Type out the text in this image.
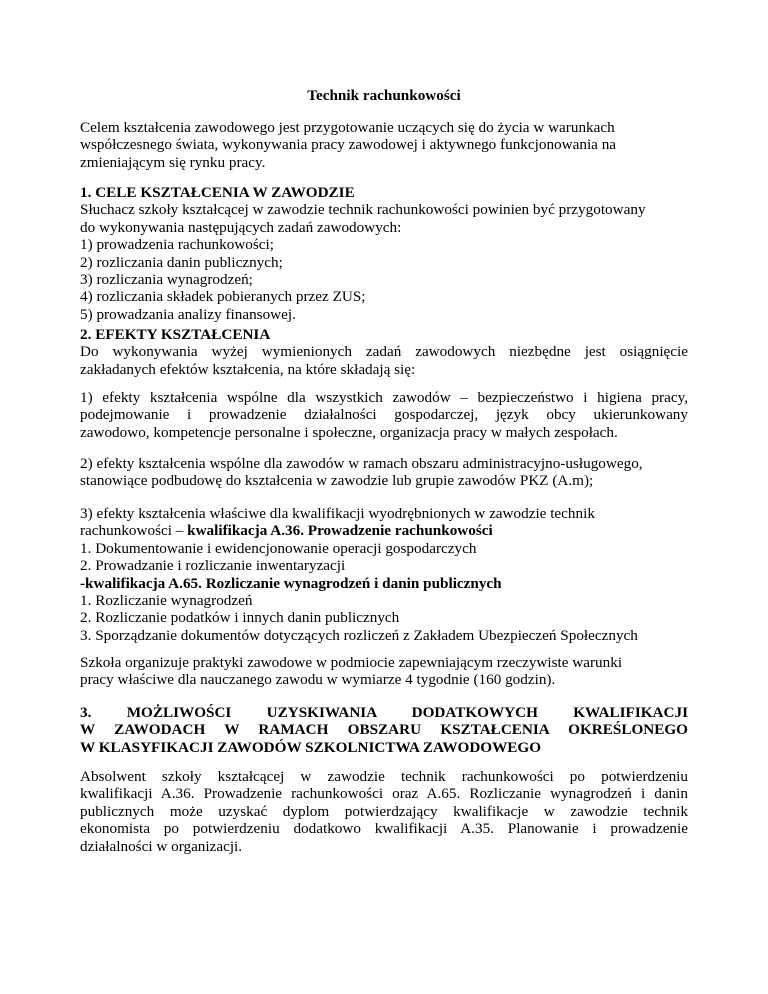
Technik rachunkowości
Celem kształcenia zawodowego jest przygotowanie uczących się do życia w warunkach
współczesnego świata, wykonywania pracy zawodowej i aktywnego funkcjonowania na
zmieniającym się rynku pracy.
1. CELE KSZTAŁCENIA W ZAWODZIE
Słuchacz szkoły kształcącej w zawodzie technik rachunkowości powinien być przygotowany
do wykonywania następujących zadań zawodowych:
1) prowadzenia rachunkowości;
2) rozliczania danin publicznych;
3) rozliczania wynagrodzeń;
4) rozliczania składek pobieranych przez ZUS;
5) prowadzania analizy finansowej.
2. EFEKTY KSZTAŁCENIA
Do wykonywania wyżej wymienionych zadań zawodowych niezbędne jest osiągnięcie
zakładanych efektów kształcenia, na które składają się:
1) efekty kształcenia wspólne dla wszystkich zawodów – bezpieczeństwo i higiena pracy,
podejmowanie i prowadzenie działalności gospodarczej, język obcy ukierunkowany
zawodowo, kompetencje personalne i społeczne, organizacja pracy w małych zespołach.
2) efekty kształcenia wspólne dla zawodów w ramach obszaru administracyjno-usługowego,
stanowiące podbudowę do kształcenia w zawodzie lub grupie zawodów PKZ (A.m);
3) efekty kształcenia właściwe dla kwalifikacji wyodrębnionych w zawodzie technik
rachunkowości – kwalifikacja A.36. Prowadzenie rachunkowości
1. Dokumentowanie i ewidencjonowanie operacji gospodarczych
2. Prowadzanie i rozliczanie inwentaryzacji
-kwalifikacja A.65. Rozliczanie wynagrodzeń i danin publicznych
1. Rozliczanie wynagrodzeń
2. Rozliczanie podatków i innych danin publicznych
3. Sporządzanie dokumentów dotyczących rozliczeń z Zakładem Ubezpieczeń Społecznych
Szkoła organizuje praktyki zawodowe w podmiocie zapewniającym rzeczywiste warunki
pracy właściwe dla nauczanego zawodu w wymiarze 4 tygodnie (160 godzin).
3. MOŻLIWOŚCI UZYSKIWANIA DODATKOWYCH KWALIFIKACJI
W ZAWODACH W RAMACH OBSZARU KSZTAŁCENIA OKREŚLONEGO
W KLASYFIKACJI ZAWODÓW SZKOLNICTWA ZAWODOWEGO
Absolwent szkoły kształcącej w zawodzie technik rachunkowości po potwierdzeniu
kwalifikacji A.36. Prowadzenie rachunkowości oraz A.65. Rozliczanie wynagrodzeń i danin
publicznych może uzyskać dyplom potwierdzający kwalifikacje w zawodzie technik
ekonomista po potwierdzeniu dodatkowo kwalifikacji A.35. Planowanie i prowadzenie
działalności w organizacji.
